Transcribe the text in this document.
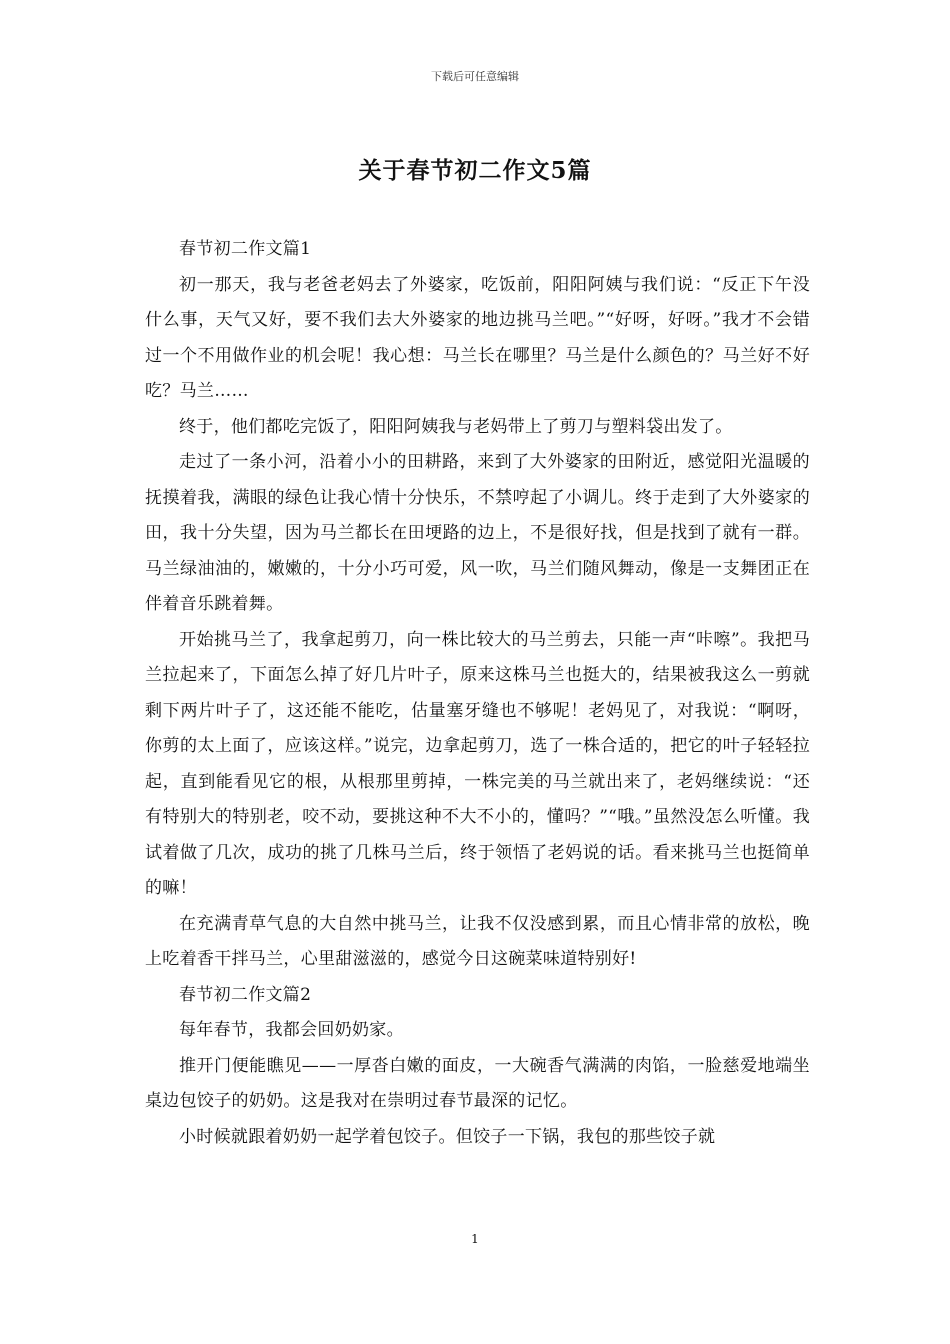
下载后可任意编辑
关于春节初二作文5篇

春节初二作文篇1

初一那天，我与老爸老妈去了外婆家，吃饭前，阳阳阿姨与我们说：“反正下午没什么事，天气又好，要不我们去大外婆家的地边挑马兰吧。”“好呀，好呀。”我才不会错过一个不用做作业的机会呢！我心想：马兰长在哪里？马兰是什么颜色的？马兰好不好吃？马兰……

终于，他们都吃完饭了，阳阳阿姨我与老妈带上了剪刀与塑料袋出发了。

走过了一条小河，沿着小小的田耕路，来到了大外婆家的田附近，感觉阳光温暖的抚摸着我，满眼的绿色让我心情十分快乐，不禁哼起了小调儿。终于走到了大外婆家的田，我十分失望，因为马兰都长在田埂路的边上，不是很好找，但是找到了就有一群。马兰绿油油的，嫩嫩的，十分小巧可爱，风一吹，马兰们随风舞动，像是一支舞团正在伴着音乐跳着舞。

开始挑马兰了，我拿起剪刀，向一株比较大的马兰剪去，只能一声“咔嚓”。我把马兰拉起来了，下面怎么掉了好几片叶子，原来这株马兰也挺大的，结果被我这么一剪就剩下两片叶子了，这还能不能吃，估量塞牙缝也不够呢！老妈见了，对我说：“啊呀，你剪的太上面了，应该这样。”说完，边拿起剪刀，选了一株合适的，把它的叶子轻轻拉起，直到能看见它的根，从根那里剪掉，一株完美的马兰就出来了，老妈继续说：“还有特别大的特别老，咬不动，要挑这种不大不小的，懂吗？”“哦。”虽然没怎么听懂。我试着做了几次，成功的挑了几株马兰后，终于领悟了老妈说的话。看来挑马兰也挺简单的嘛！

在充满青草气息的大自然中挑马兰，让我不仅没感到累，而且心情非常的放松，晚上吃着香干拌马兰，心里甜滋滋的，感觉今日这碗菜味道特别好!

春节初二作文篇2

每年春节，我都会回奶奶家。

推开门便能瞧见——一厚沓白嫩的面皮，一大碗香气满满的肉馅，一脸慈爱地端坐桌边包饺子的奶奶。这是我对在崇明过春节最深的记忆。

小时候就跟着奶奶一起学着包饺子。但饺子一下锅，我包的那些饺子就

1
